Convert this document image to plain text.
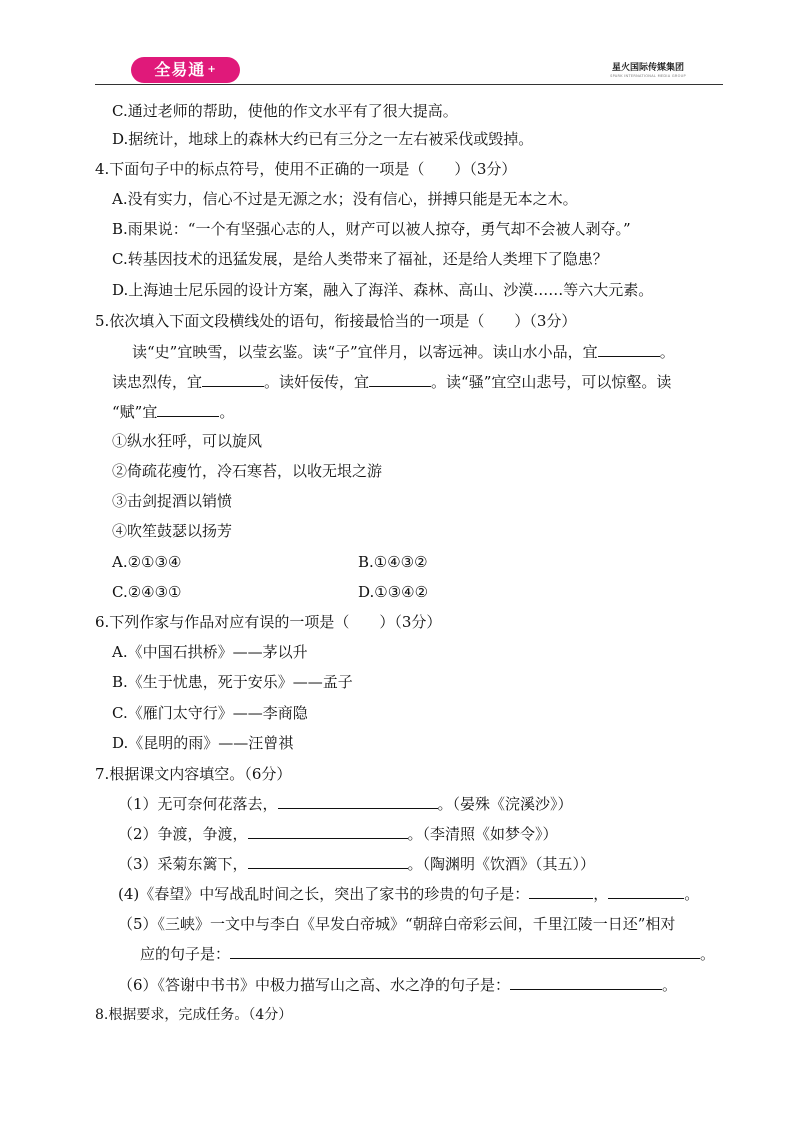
全易通 +	星火国际传媒集团
SPARK INTERNATIONAL MEDIA GROUP
C.通过老师的帮助，使他的作文水平有了很大提高。
D.据统计，地球上的森林大约已有三分之一左右被采伐或毁掉。
4.下面句子中的标点符号，使用不正确的一项是（　　）（3分）
A.没有实力，信心不过是无源之水；没有信心，拼搏只能是无本之木。
B.雨果说：“一个有坚强心志的人，财产可以被人掠夺，勇气却不会被人剥夺。”
C.转基因技术的迅猛发展，是给人类带来了福祉，还是给人类埋下了隐患？
D.上海迪士尼乐园的设计方案，融入了海洋、森林、高山、沙漠……等六大元素。
5.依次填入下面文段横线处的语句，衔接最恰当的一项是（　　）（3分）
读“史”宜映雪，以莹玄鉴。读“子”宜伴月，以寄远神。读山水小品，宜	。
读忠烈传，宜	。读奸佞传，宜	。读“骚”宜空山悲号，可以惊壑。读
“赋”宜	。
①纵水狂呼，可以旋风
②倚疏花瘦竹，冷石寒苔，以收无垠之游
③击剑捉酒以销愤
④吹笙鼓瑟以扬芳
A.②①③④	B.①④③②
C.②④③①	D.①③④②
6.下列作家与作品对应有误的一项是（　　）（3分）
A.《中国石拱桥》——茅以升
B.《生于忧患，死于安乐》——孟子
C.《雁门太守行》——李商隐
D.《昆明的雨》——汪曾祺
7.根据课文内容填空。（6分）
（1）无可奈何花落去，	。（晏殊《浣溪沙》）
（2）争渡，争渡，	。（李清照《如梦令》）
（3）采菊东篱下，	。（陶渊明《饮酒》（其五））
(4)《春望》中写战乱时间之长，突出了家书的珍贵的句子是：	，	。
（5）《三峡》一文中与李白《早发白帝城》“朝辞白帝彩云间，千里江陵一日还”相对
应的句子是：	。
（6）《答谢中书书》中极力描写山之高、水之净的句子是：	。
8.根据要求，完成任务。（4分）
